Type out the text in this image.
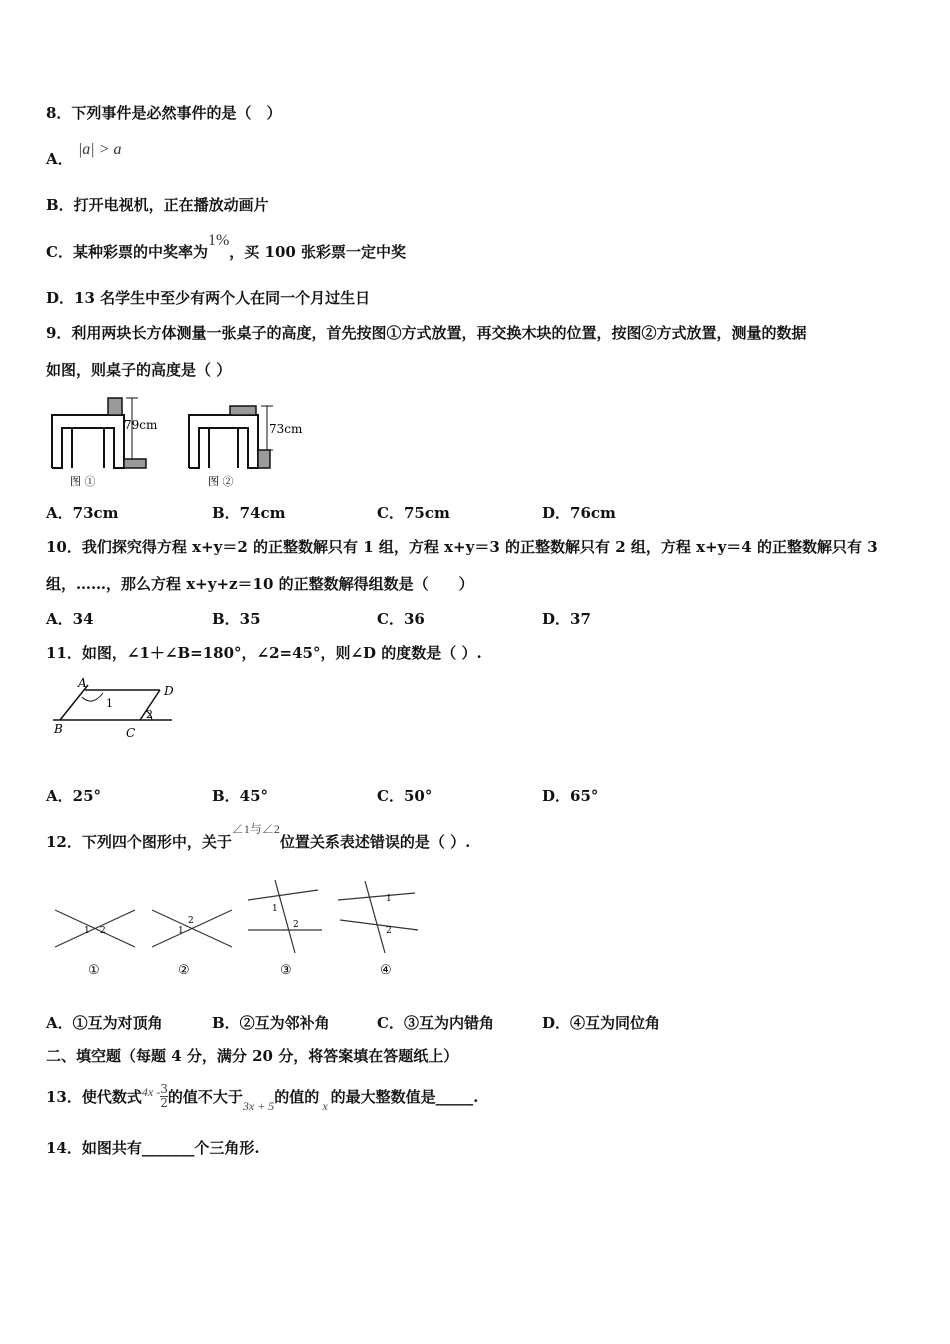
8．下列事件是必然事件的是（　）
A． |a| > a
B．打开电视机，正在播放动画片
C．某种彩票的中奖率为1%，买 100 张彩票一定中奖
D．13 名学生中至少有两个人在同一个月过生日
9．利用两块长方体测量一张桌子的高度，首先按图①方式放置，再交换木块的位置，按图②方式放置，测量的数据
如图，则桌子的高度是（ ）
79cm
图 ①
73cm
图 ②
A．73cm	B．74cm	C．75cm	D．76cm
10．我们探究得方程 x+y＝2 的正整数解只有 1 组，方程 x+y＝3 的正整数解只有 2 组，方程 x+y＝4 的正整数解只有 3
组，……，那么方程 x+y+z＝10 的正整数解得组数是（　　）
A．34	B．35	C．36	D．37
11．如图，∠1＋∠B=180°，∠2=45°，则∠D 的度数是（ ）.
A
D
B	C
1
2
A．25°	B．45°	C．50°	D．65°
12．下列四个图形中，关于$^{\angle 1与\angle 2}$位置关系表述错误的是（ ）.
1 2
①
1
2
②
1
2
③
1
2
④
A．①互为对顶角	B．②互为邻补角	C．③互为内错角	D．④互为同位角
二、填空题（每题 4 分，满分 20 分，将答案填在答题纸上）
13．使代数式$^{4x -} \frac{3}{2}$ 的值不大于$_{3x + 5}$的值的 $_x$ 的最大整数值是_____.
14．如图共有_______个三角形.
